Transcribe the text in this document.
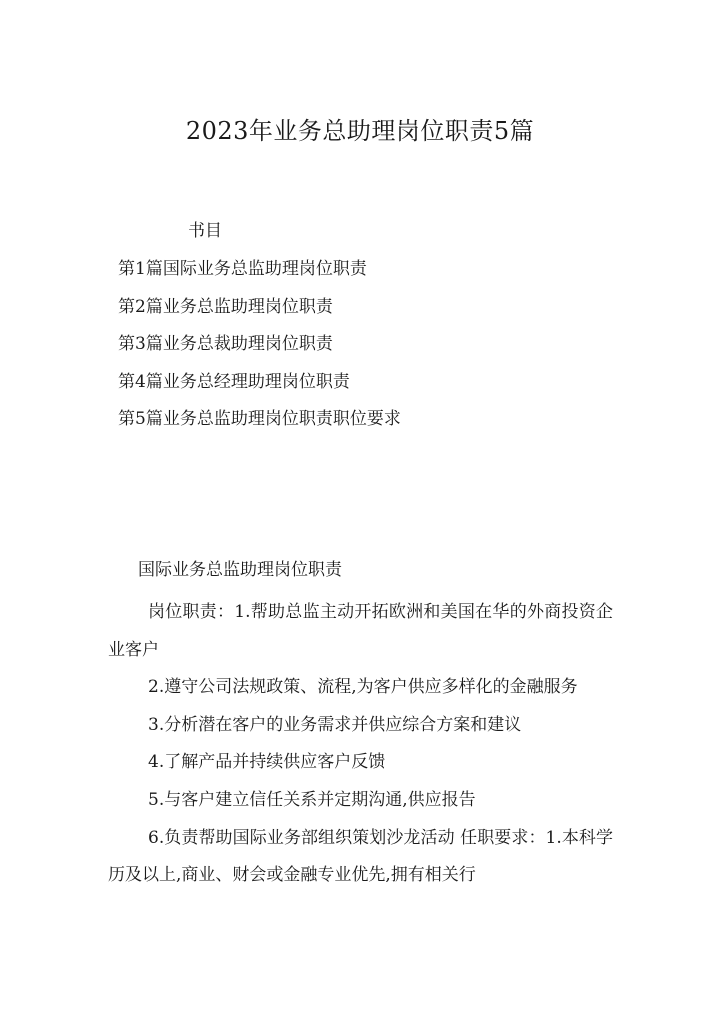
2023年业务总助理岗位职责5篇
书目
第1篇国际业务总监助理岗位职责
第2篇业务总监助理岗位职责
第3篇业务总裁助理岗位职责
第4篇业务总经理助理岗位职责
第5篇业务总监助理岗位职责职位要求
国际业务总监助理岗位职责

岗位职责：1.帮助总监主动开拓欧洲和美国在华的外商投资企业客户

2.遵守公司法规政策、流程,为客户供应多样化的金融服务

3.分析潜在客户的业务需求并供应综合方案和建议

4.了解产品并持续供应客户反馈

5.与客户建立信任关系并定期沟通,供应报告

6.负责帮助国际业务部组织策划沙龙活动 任职要求：1.本科学历及以上,商业、财会或金融专业优先,拥有相关行
